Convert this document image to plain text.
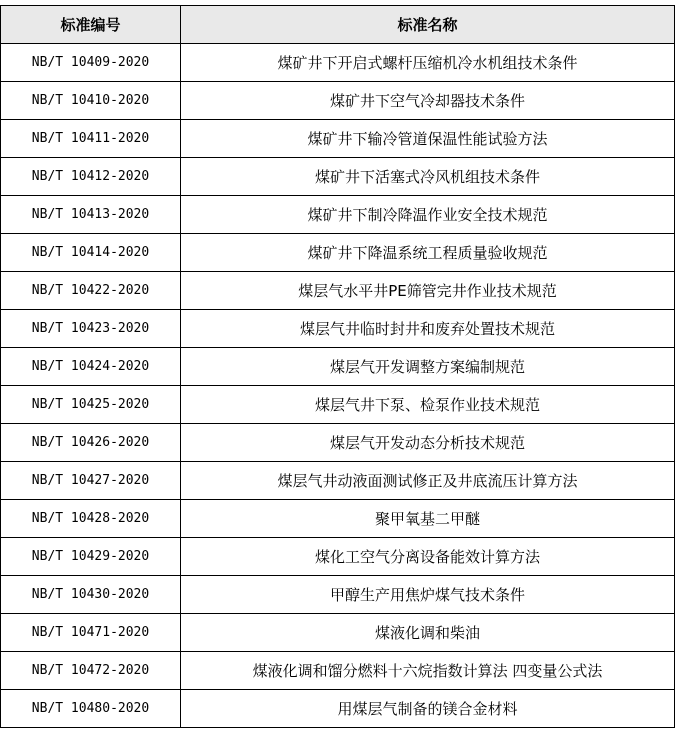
标准编号	标准名称
NB/T 10409-2020	煤矿井下开启式螺杆压缩机冷水机组技术条件
NB/T 10410-2020	煤矿井下空气冷却器技术条件
NB/T 10411-2020	煤矿井下输冷管道保温性能试验方法
NB/T 10412-2020	煤矿井下活塞式冷风机组技术条件
NB/T 10413-2020	煤矿井下制冷降温作业安全技术规范
NB/T 10414-2020	煤矿井下降温系统工程质量验收规范
NB/T 10422-2020	煤层气水平井PE筛管完井作业技术规范
NB/T 10423-2020	煤层气井临时封井和废弃处置技术规范
NB/T 10424-2020	煤层气开发调整方案编制规范
NB/T 10425-2020	煤层气井下泵、检泵作业技术规范
NB/T 10426-2020	煤层气开发动态分析技术规范
NB/T 10427-2020	煤层气井动液面测试修正及井底流压计算方法
NB/T 10428-2020	聚甲氧基二甲醚
NB/T 10429-2020	煤化工空气分离设备能效计算方法
NB/T 10430-2020	甲醇生产用焦炉煤气技术条件
NB/T 10471-2020	煤液化调和柴油
NB/T 10472-2020	煤液化调和馏分燃料十六烷指数计算法 四变量公式法
NB/T 10480-2020	用煤层气制备的镁合金材料
